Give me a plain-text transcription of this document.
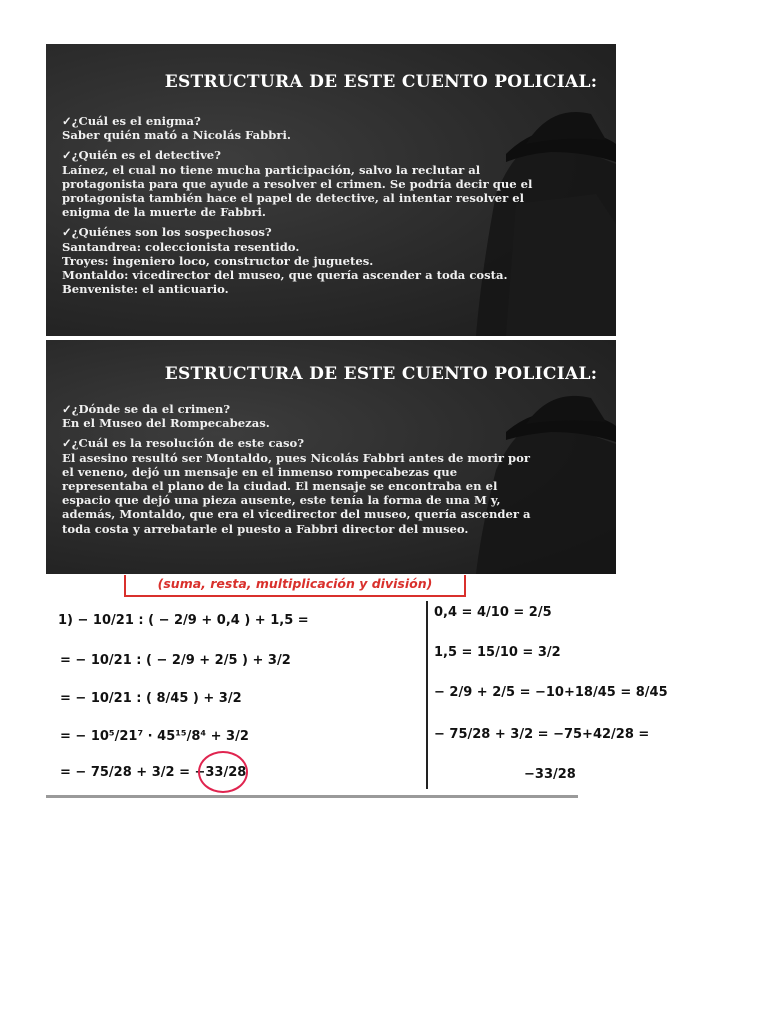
ESTRUCTURA DE ESTE CUENTO POLICIAL:
✓¿Cuál es el enigma?
Saber quién mató a Nicolás Fabbri.
✓¿Quién es el detective?
Laínez, el cual no tiene mucha participación, salvo la reclutar al protagonista para que ayude a resolver el crimen. Se podría decir que el protagonista también hace el papel de detective, al intentar resolver el enigma de la muerte de Fabbri.
✓¿Quiénes son los sospechosos?
Santandrea: coleccionista resentido.
Troyes: ingeniero loco, constructor de juguetes.
Montaldo: vicedirector del museo, que quería ascender a toda costa.
Benveniste: el anticuario.
ESTRUCTURA DE ESTE CUENTO POLICIAL:
✓¿Dónde se da el crimen?
En el Museo del Rompecabezas.
✓¿Cuál es la resolución de este caso?
El asesino resultó ser Montaldo, pues Nicolás Fabbri antes de morir por el veneno, dejó un mensaje en el inmenso rompecabezas que representaba el plano de la ciudad. El mensaje se encontraba en el espacio que dejó una pieza ausente, este tenía la forma de una M y, además, Montaldo, que era el vicedirector del museo, quería ascender a toda costa y arrebatarle el puesto a Fabbri director del museo.
(suma, resta, multiplicación y división)
1) − 10/21 : ( − 2/9 + 0,4 ) + 1,5 =
= − 10/21 : ( − 2/9 + 2/5 ) + 3/2
= − 10/21 : ( 8/45 ) + 3/2
= − 10⁵/21⁷ · 45¹⁵/8⁴ + 3/2
= − 75/28 + 3/2 = −33/28
0,4 = 4/10 = 2/5
1,5 = 15/10 = 3/2
− 2/9 + 2/5 = −10+18/45 = 8/45
− 75/28 + 3/2 = −75+42/28 =
−33/28
